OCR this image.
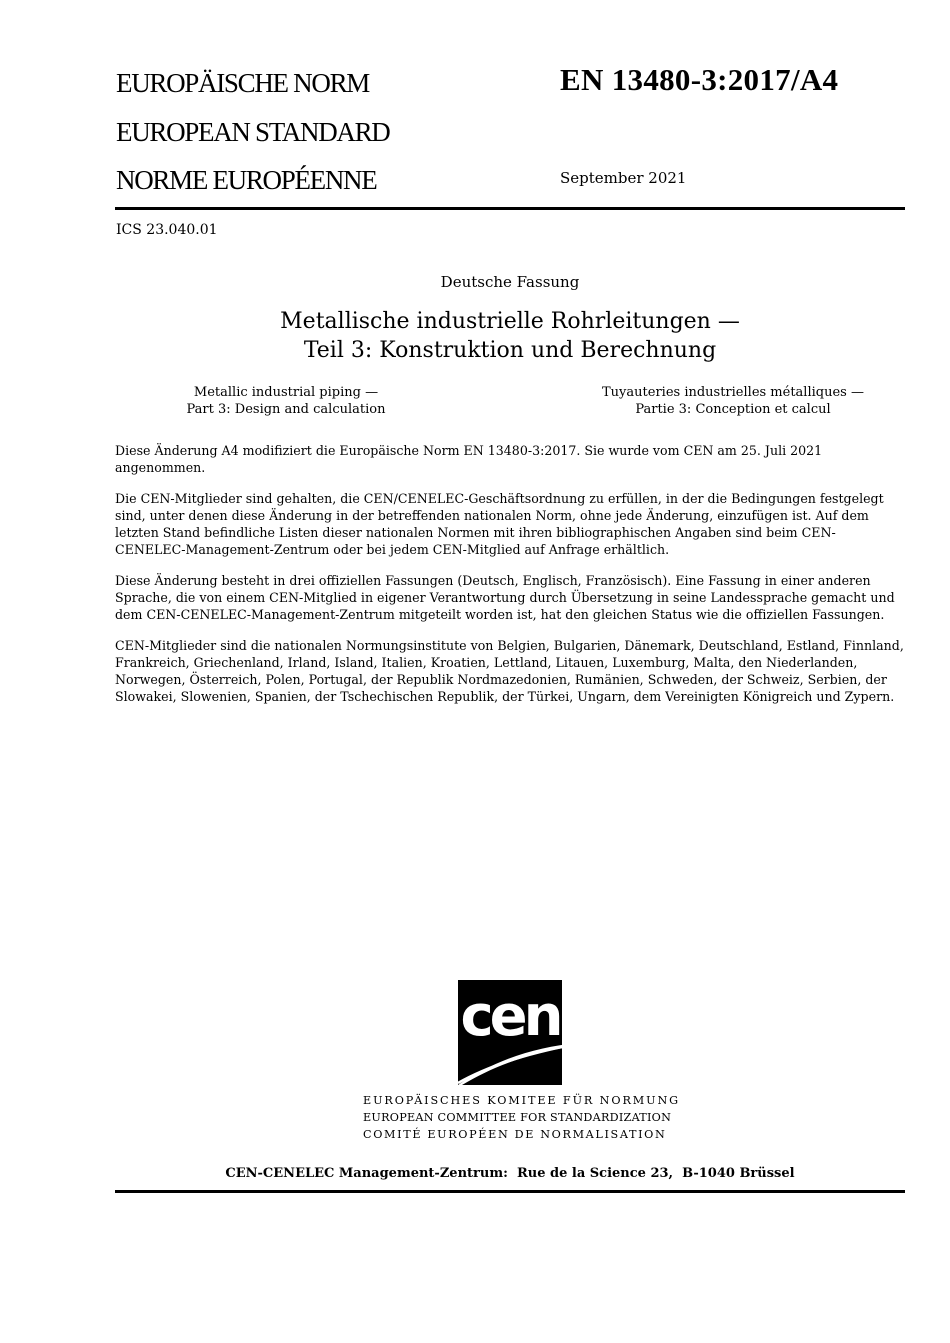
EUROPÄISCHE NORM
EUROPEAN STANDARD
NORME EUROPÉENNE
EN 13480-3:2017/A4
September 2021
ICS 23.040.01
Deutsche Fassung
Metallische industrielle Rohrleitungen —
Teil 3: Konstruktion und Berechnung
Metallic industrial piping —
Part 3: Design and calculation
Tuyauteries industrielles métalliques —
Partie 3: Conception et calcul

Diese Änderung A4 modifiziert die Europäische Norm EN 13480-3:2017. Sie wurde vom CEN am 25. Juli 2021 angenommen.

Die CEN-Mitglieder sind gehalten, die CEN/CENELEC-Geschäftsordnung zu erfüllen, in der die Bedingungen festgelegt sind, unter denen diese Änderung in der betreffenden nationalen Norm, ohne jede Änderung, einzufügen ist. Auf dem letzten Stand befindliche Listen dieser nationalen Normen mit ihren bibliographischen Angaben sind beim CEN-CENELEC-Management-Zentrum oder bei jedem CEN-Mitglied auf Anfrage erhältlich.

Diese Änderung besteht in drei offiziellen Fassungen (Deutsch, Englisch, Französisch). Eine Fassung in einer anderen Sprache, die von einem CEN-Mitglied in eigener Verantwortung durch Übersetzung in seine Landessprache gemacht und dem CEN-CENELEC-Management-Zentrum mitgeteilt worden ist, hat den gleichen Status wie die offiziellen Fassungen.

CEN-Mitglieder sind die nationalen Normungsinstitute von Belgien, Bulgarien, Dänemark, Deutschland, Estland, Finnland, Frankreich, Griechenland, Irland, Island, Italien, Kroatien, Lettland, Litauen, Luxemburg, Malta, den Niederlanden, Norwegen, Österreich, Polen, Portugal, der Republik Nordmazedonien, Rumänien, Schweden, der Schweiz, Serbien, der Slowakei, Slowenien, Spanien, der Tschechischen Republik, der Türkei, Ungarn, dem Vereinigten Königreich und Zypern.

cen
EUROPÄISCHES KOMITEE FÜR NORMUNG
EUROPEAN COMMITTEE FOR STANDARDIZATION
COMITÉ EUROPÉEN DE NORMALISATION
CEN-CENELEC Management-Zentrum:  Rue de la Science 23,  B-1040 Brüssel
